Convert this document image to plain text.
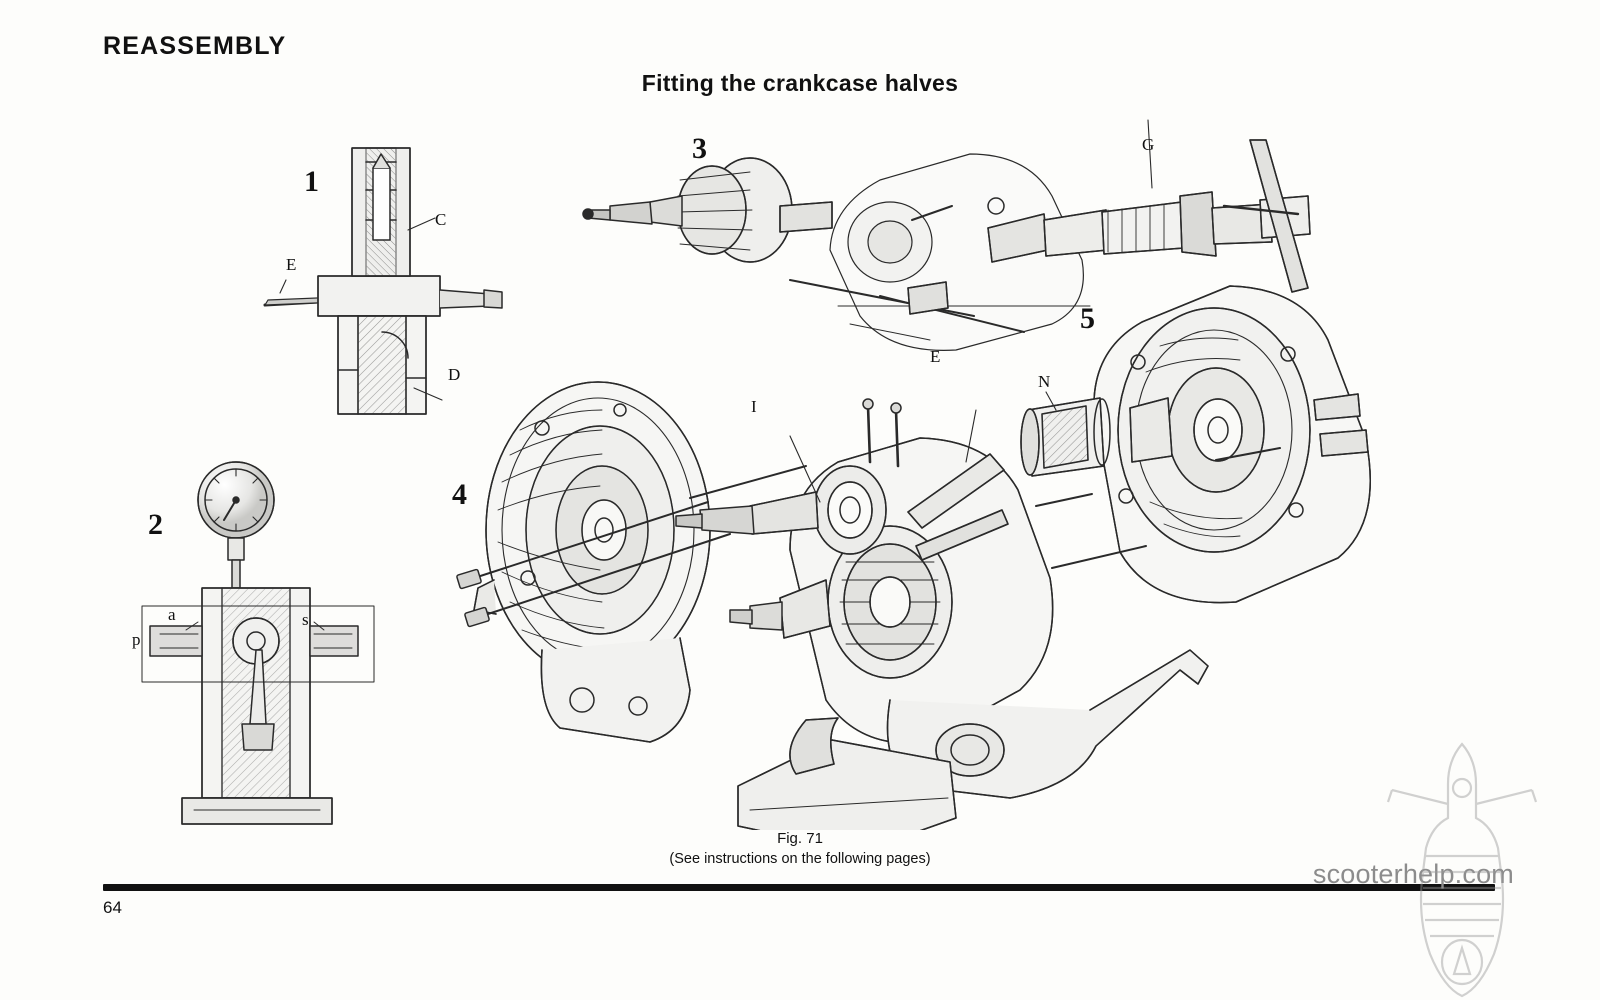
REASSEMBLY
Fitting the crankcase halves
1
2
3
4
5
C
E
D
G
N
E
I
a
p
s
Fig. 71
(See instructions on the following pages)
64
scooterhelp.com
